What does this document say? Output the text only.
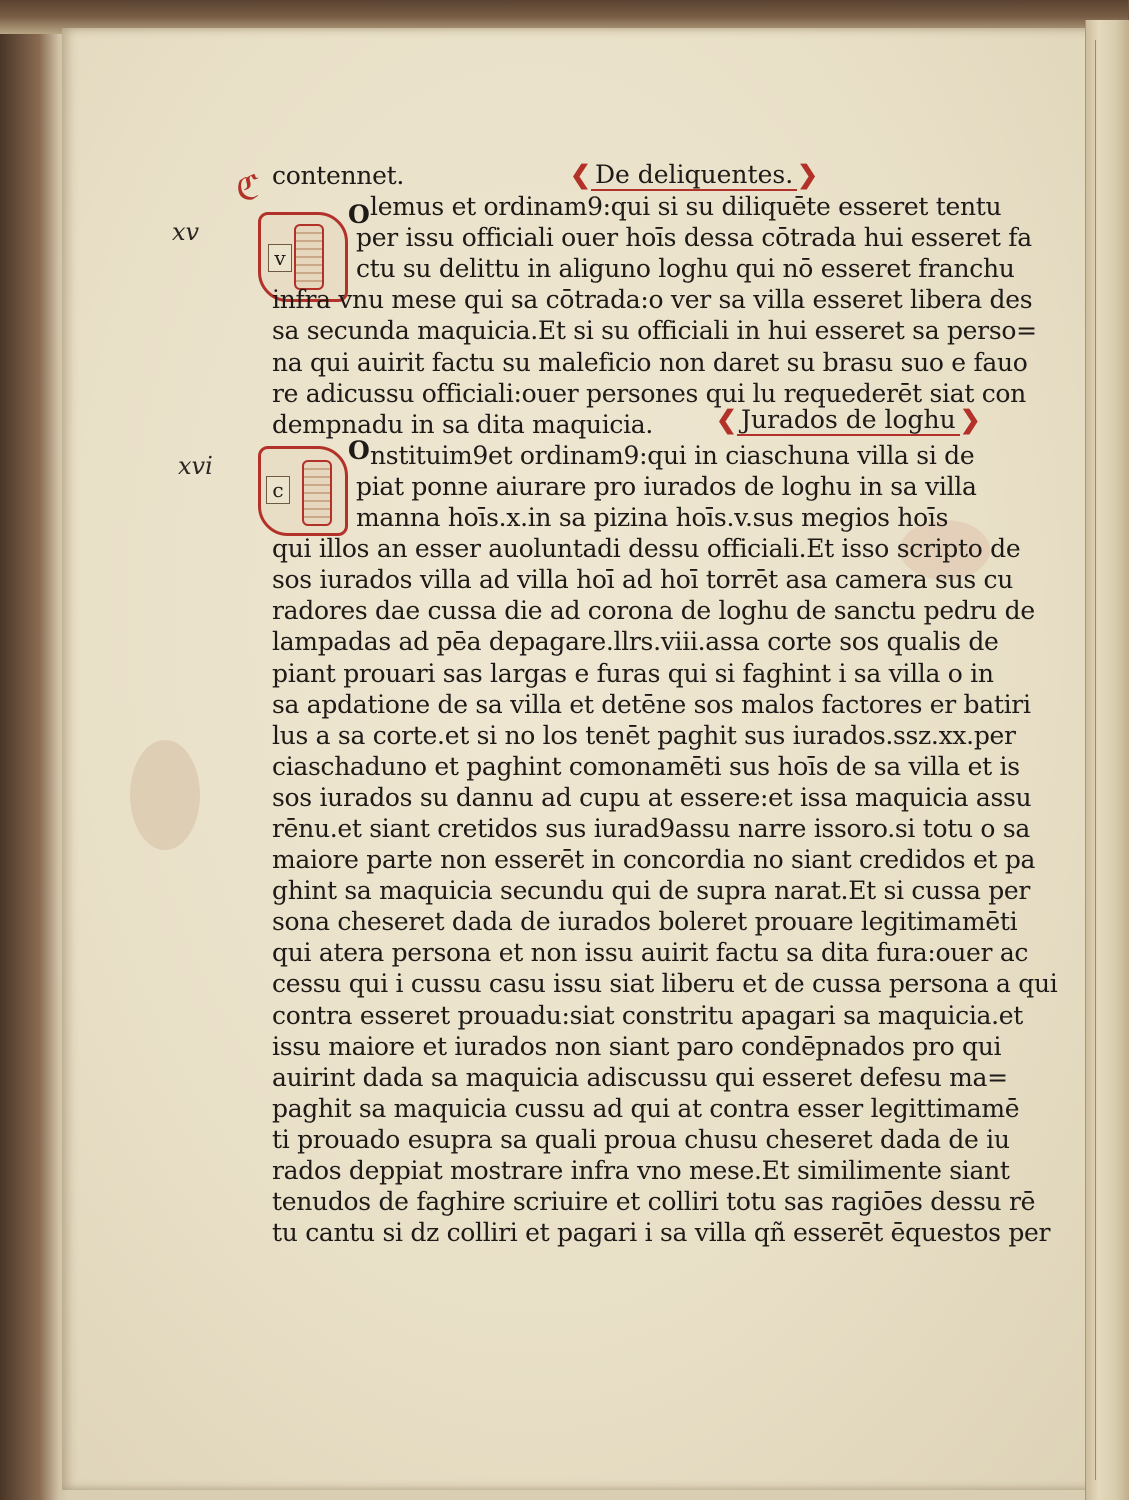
xv
xvi
❮ De deliquentes. ❯
❮ Jurados de loghu ❯
ℭ
v
O
c
O
contennet.
lemus et ordinam9:qui si su diliquēte esseret tentu
per issu officiali ouer hoīs dessa cōtrada hui esseret fa
ctu su delittu in aliguno loghu qui nō esseret franchu
infra vnu mese qui sa cōtrada:o ver sa villa esseret libera des
sa secunda maquicia.Et si su officiali in hui esseret sa perso=
na qui auirit factu su maleficio non daret su brasu suo e fauo
re adicussu officiali:ouer persones qui lu requederēt siat con
dempnadu in sa dita maquicia.
nstituim9et ordinam9:qui in ciaschuna villa si de
piat ponne aiurare pro iurados de loghu in sa villa
manna hoīs.x.in sa pizina hoīs.v.sus megios hoīs
qui illos an esser auoluntadi dessu officiali.Et isso scripto de
sos iurados villa ad villa hoī ad hoī torrēt asa camera sus cu
radores dae cussa die ad corona de loghu de sanctu pedru de
lampadas ad pēa depagare.llrs.viii.assa corte sos qualis de
piant prouari sas largas e furas qui si faghint i sa villa o in
sa apdatione de sa villa et detēne sos malos factores er batiri
lus a sa corte.et si no los tenēt paghit sus iurados.ssz.xx.per
ciaschaduno et paghint comonamēti sus hoīs de sa villa et is
sos iurados su dannu ad cupu at essere:et issa maquicia assu
rēnu.et siant cretidos sus iurad9assu narre issoro.si totu o sa
maiore parte non esserēt in concordia no siant credidos et pa
ghint sa maquicia secundu qui de supra narat.Et si cussa per
sona cheseret dada de iurados boleret prouare legitimamēti
qui atera persona et non issu auirit factu sa dita fura:ouer ac
cessu qui i cussu casu issu siat liberu et de cussa persona a qui
contra esseret prouadu:siat constritu apagari sa maquicia.et
issu maiore et iurados non siant paro condēpnados pro qui
auirint dada sa maquicia adiscussu qui esseret defesu ma=
paghit sa maquicia cussu ad qui at contra esser legittimamē
ti prouado esupra sa quali proua chusu cheseret dada de iu
rados deppiat mostrare infra vno mese.Et similimente siant
tenudos de faghire scriuire et colliri totu sas ragiōes dessu rē
tu cantu si dz colliri et pagari i sa villa qñ esserēt ēquestos per
